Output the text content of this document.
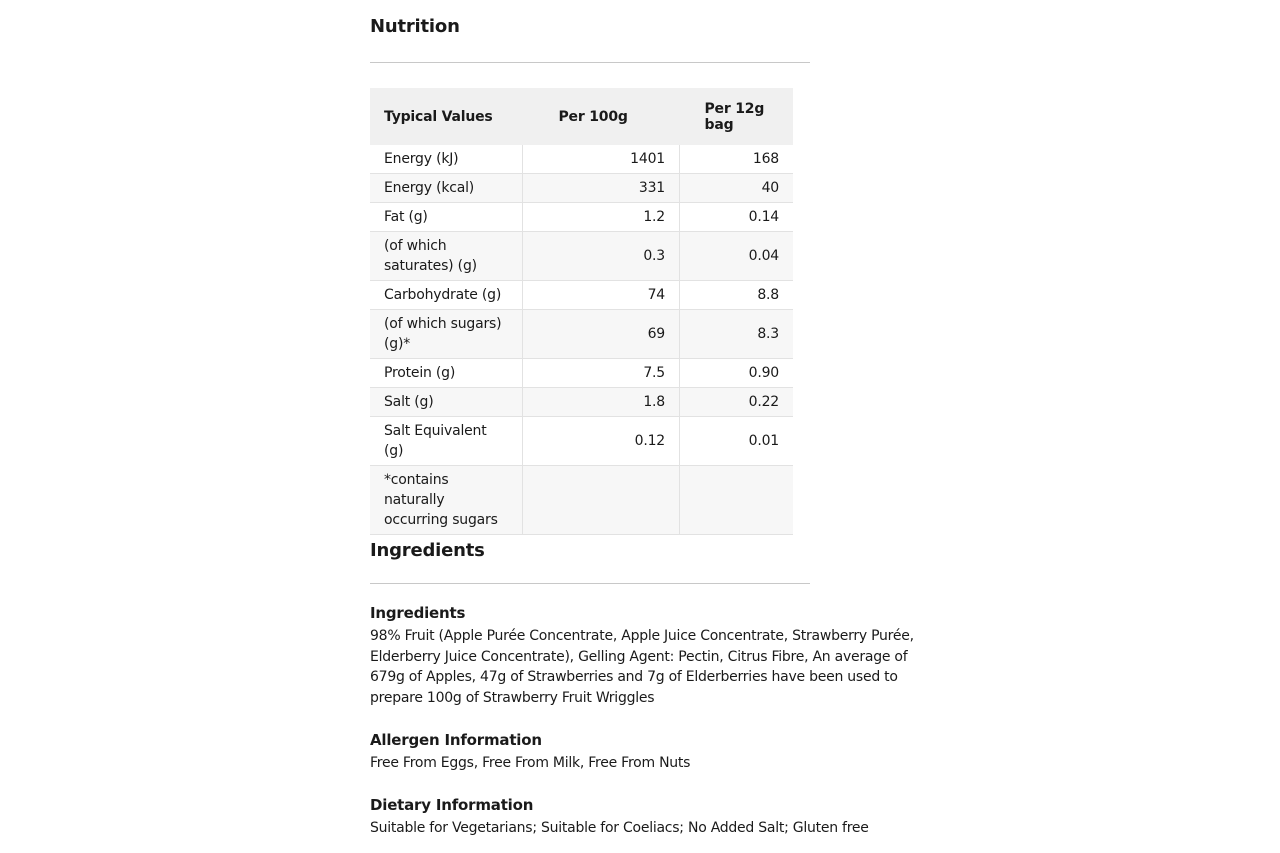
Nutrition
Typical Values	Per 100g	Per 12g bag
Energy (kJ)	1401	168
Energy (kcal)	331	40
Fat (g)	1.2	0.14
(of which saturates) (g)	0.3	0.04
Carbohydrate (g)	74	8.8
(of which sugars) (g)*	69	8.3
Protein (g)	7.5	0.90
Salt (g)	1.8	0.22
Salt Equivalent (g)	0.12	0.01
*contains naturally occurring sugars		
Ingredients
Ingredients

98% Fruit (Apple Purée Concentrate, Apple Juice Concentrate, Strawberry Purée, Elderberry Juice Concentrate), Gelling Agent: Pectin, Citrus Fibre, An average of 679g of Apples, 47g of Strawberries and 7g of Elderberries have been used to prepare 100g of Strawberry Fruit Wriggles

Allergen Information

Free From Eggs, Free From Milk, Free From Nuts

Dietary Information

Suitable for Vegetarians; Suitable for Coeliacs; No Added Salt; Gluten free
